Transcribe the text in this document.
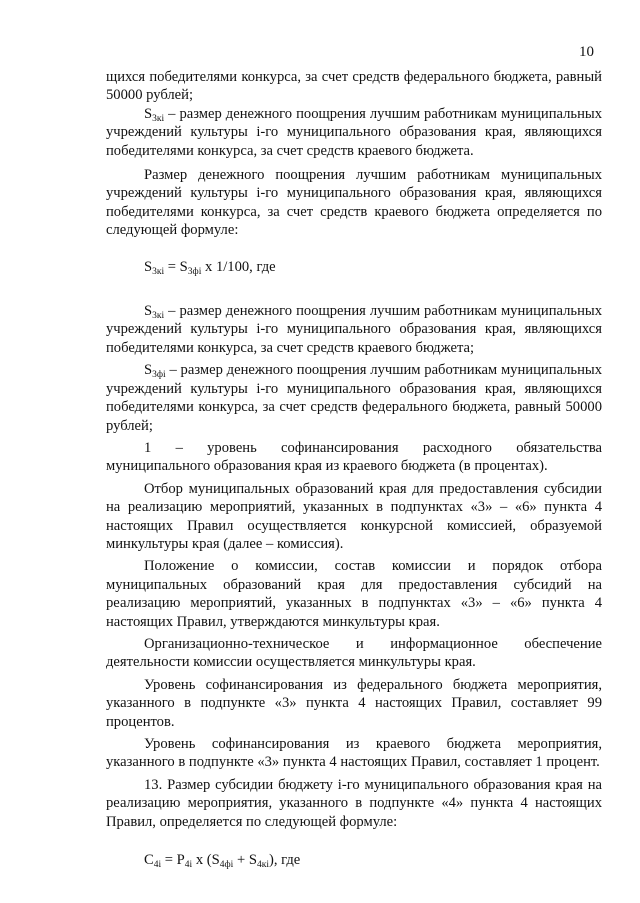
10

щихся победителями конкурса, за счет средств федерального бюджета, равный 50000 рублей;

$S_{3кі}$ – размер денежного поощрения лучшим работникам муниципальных учреждений культуры і-го муниципального образования края, являющихся победителями конкурса, за счет средств краевого бюджета.

Размер денежного поощрения лучшим работникам муниципальных учреждений культуры і-го муниципального образования края, являющихся победителями конкурса, за счет средств краевого бюджета определяется по следующей формуле:

$S_{3кі} = S_{3фі}$ х 1/100, где

$S_{3кі}$ – размер денежного поощрения лучшим работникам муниципальных учреждений культуры і-го муниципального образования края, являющихся победителями конкурса, за счет средств краевого бюджета;

$S_{3фі}$ – размер денежного поощрения лучшим работникам муниципальных учреждений культуры і-го муниципального образования края, являющихся победителями конкурса, за счет средств федерального бюджета, равный 50000 рублей;

1 – уровень софинансирования расходного обязательства муниципального образования края из краевого бюджета (в процентах).

Отбор муниципальных образований края для предоставления субсидии на реализацию мероприятий, указанных в подпунктах «3» – «6» пункта 4 настоящих Правил осуществляется конкурсной комиссией, образуемой минкультуры края (далее – комиссия).

Положение о комиссии, состав комиссии и порядок отбора муниципальных образований края для предоставления субсидий на реализацию мероприятий, указанных в подпунктах «3» – «6» пункта 4 настоящих Правил, утверждаются минкультуры края.

Организационно-техническое и информационное обеспечение деятельности комиссии осуществляется минкультуры края.

Уровень софинансирования из федерального бюджета мероприятия, указанного в подпункте «3» пункта 4 настоящих Правил, составляет 99 процентов.

Уровень софинансирования из краевого бюджета мероприятия, указанного в подпункте «3» пункта 4 настоящих Правил, составляет 1 процент.

13. Размер субсидии бюджету і-го муниципального образования края на реализацию мероприятия, указанного в подпункте «4» пункта 4 настоящих Правил, определяется по следующей формуле:

$С_{4і} = Р_{4і}$ х $(S_{4фі} + S_{4кі})$, где
